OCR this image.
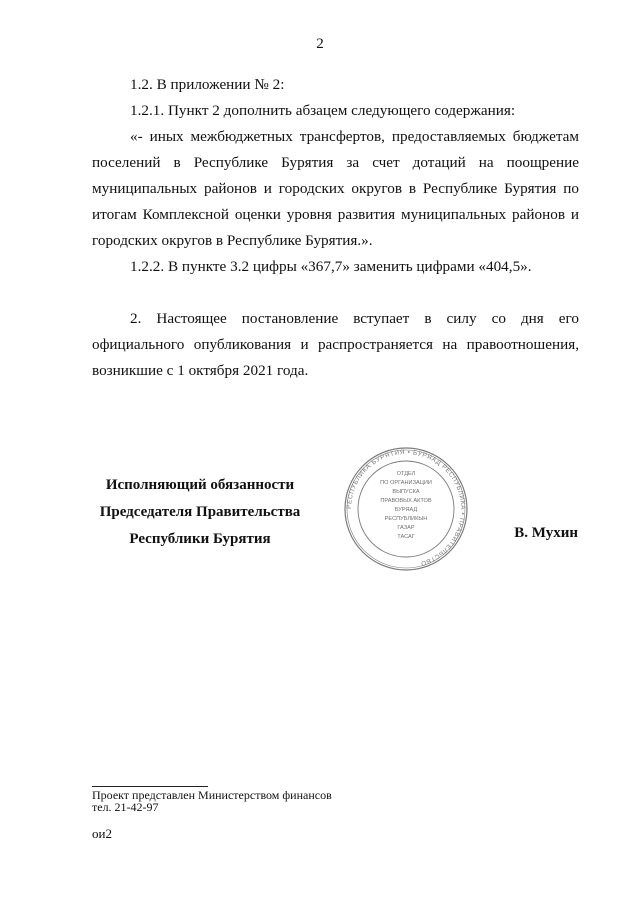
2

1.2. В приложении № 2:

1.2.1. Пункт 2 дополнить абзацем следующего содержания:

«- иных межбюджетных трансфертов, предоставляемых бюджетам поселений в Республике Бурятия за счет дотаций на поощрение муниципальных районов и городских округов в Республике Бурятия по итогам Комплексной оценки уровня развития муниципальных районов и городских округов в Республике Бурятия.».

1.2.2. В пункте 3.2 цифры «367,7» заменить цифрами «404,5».

2. Настоящее постановление вступает в силу со дня его официального опубликования и распространяется на правоотношения, возникшие с 1 октября 2021 года.

Исполняющий обязанности
Председателя Правительства
Республики Бурятия
РЕСПУБЛИКА БУРЯТИЯ • БУРЯАД РЕСПУБЛИКА • ПРАВИТЕЛЬСТВО
ОТДЕЛ
ПО ОРГАНИЗАЦИИ
ВЫПУСКА
ПРАВОВЫХ АКТОВ
БУРЯАД
РЕСПУБЛИКЫН
ГАЗАР
ТАСАГ	В. Мухин
Проект представлен Министерством финансов
тел. 21-42-97
ои2
